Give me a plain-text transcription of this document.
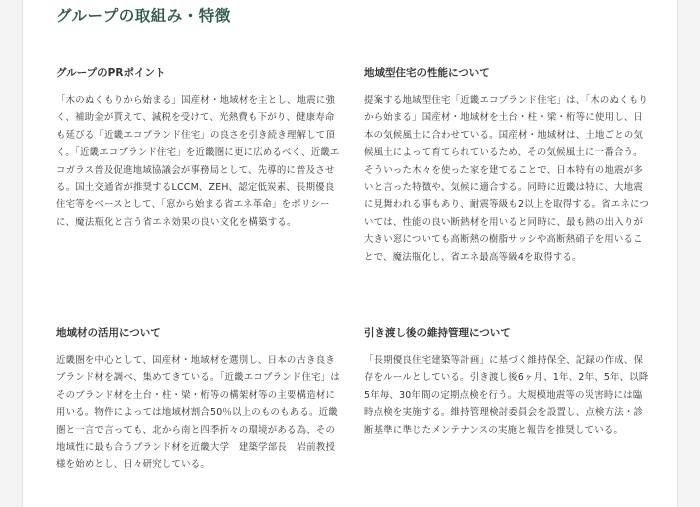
グループの取組み・特徴
グループのPRポイント

「木のぬくもりから始まる」国産材・地域材を主とし、地震に強く、補助金が貰えて、減税を受けて、光熱費も下がり、健康寿命も延びる「近畿エコブランド住宅」の良さを引き続き理解して頂く。「近畿エコブランド住宅」を近畿圏に更に広めるべく、近畿エコガラス普及促進地域協議会が事務局として、先導的に普及させる。国土交通省が推奨するLCCM、ZEH、認定低炭素、長期優良住宅等をベースとして、「窓から始まる省エネ革命」をポリシーに、魔法瓶化と言う省エネ効果の良い文化を構築する。

地域型住宅の性能について

提案する地域型住宅「近畿エコブランド住宅」は、「木のぬくもりから始まる」国産材・地域材を土台・柱・梁・桁等に使用し、日本の気候風土に合わせている。国産材・地域材は、土地ごとの気候風土によって育てられているため、その気候風土に一番合う。そういった木々を使った家を建てることで、日本特有の地震が多いと言った特徴や、気候に適合する。同時に近畿は特に、大地震に見舞われる事もあり、耐震等級も2以上を取得する。省エネについては、性能の良い断熱材を用いると同時に、最も熱の出入りが大きい窓についても高断熱の樹脂サッシや高断熱硝子を用いることで、魔法瓶化し、省エネ最高等級4を取得する。

地域材の活用について

近畿圏を中心として、国産材・地域材を選別し、日本の古き良きブランド材を調べ、集めてきている。「近畿エコブランド住宅」はそのブランド材を土台・柱・梁・桁等の構架材等の主要構造材に用いる。物件によっては地域材割合50％以上のものもある。近畿圏と一言で言っても、北から南と四季折々の環境がある為、その地域性に最も合うブランド材を近畿大学　建築学部長　岩前教授様を始めとし、日々研究している。

引き渡し後の維持管理について

「長期優良住宅建築等計画」に基づく維持保全、記録の作成、保存をルールとしている。引き渡し後6ヶ月、1年、2年、5年、以降5年毎、30年間の定期点検を行う。大規模地震等の災害時には臨時点検を実施する。維持管理検討委員会を設置し、点検方法・診断基準に準じたメンテナンスの実施と報告を推奨している。
